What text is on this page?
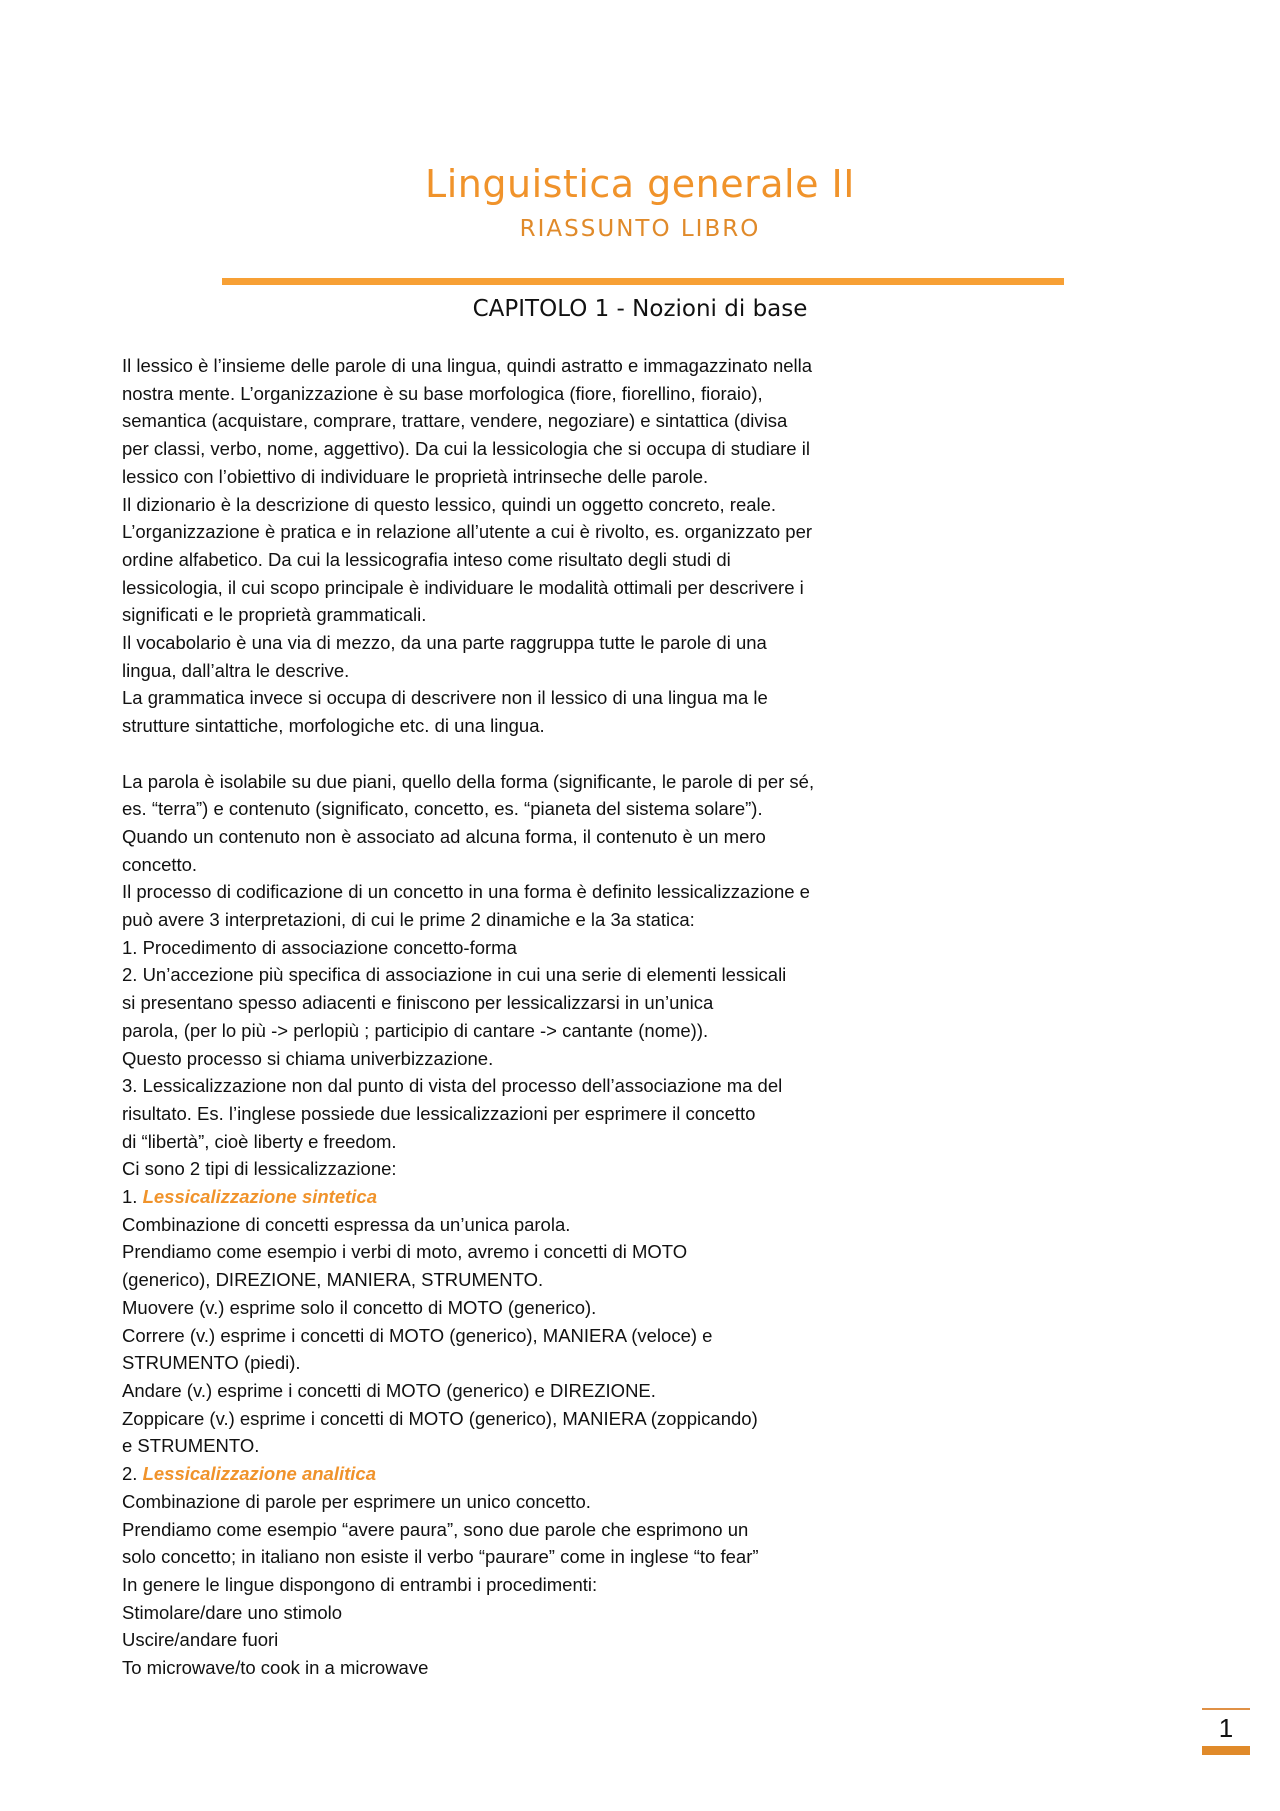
Linguistica generale II
RIASSUNTO LIBRO
CAPITOLO 1 - Nozioni di base
Il lessico è l’insieme delle parole di una lingua, quindi astratto e immagazzinato nella
nostra mente. L’organizzazione è su base morfologica (fiore, fiorellino, fioraio),
semantica (acquistare, comprare, trattare, vendere, negoziare) e sintattica (divisa
per classi, verbo, nome, aggettivo). Da cui la lessicologia che si occupa di studiare il
lessico con l’obiettivo di individuare le proprietà intrinseche delle parole.
Il dizionario è la descrizione di questo lessico, quindi un oggetto concreto, reale.
L’organizzazione è pratica e in relazione all’utente a cui è rivolto, es. organizzato per
ordine alfabetico. Da cui la lessicografia inteso come risultato degli studi di
lessicologia, il cui scopo principale è individuare le modalità ottimali per descrivere i
significati e le proprietà grammaticali.
Il vocabolario è una via di mezzo, da una parte raggruppa tutte le parole di una
lingua, dall’altra le descrive.
La grammatica invece si occupa di descrivere non il lessico di una lingua ma le
strutture sintattiche, morfologiche etc. di una lingua.
La parola è isolabile su due piani, quello della forma (significante, le parole di per sé,
es. “terra”) e contenuto (significato, concetto, es. “pianeta del sistema solare”).
Quando un contenuto non è associato ad alcuna forma, il contenuto è un mero
concetto.
Il processo di codificazione di un concetto in una forma è definito lessicalizzazione e
può avere 3 interpretazioni, di cui le prime 2 dinamiche e la 3a statica:
1. Procedimento di associazione concetto-forma
2. Un’accezione più specifica di associazione in cui una serie di elementi lessicali
si presentano spesso adiacenti e finiscono per lessicalizzarsi in un’unica
parola, (per lo più -> perlopiù ; participio di cantare -> cantante (nome)).
Questo processo si chiama univerbizzazione.
3. Lessicalizzazione non dal punto di vista del processo dell’associazione ma del
risultato. Es. l’inglese possiede due lessicalizzazioni per esprimere il concetto
di “libertà”, cioè liberty e freedom.
Ci sono 2 tipi di lessicalizzazione:
1. Lessicalizzazione sintetica
Combinazione di concetti espressa da un’unica parola.
Prendiamo come esempio i verbi di moto, avremo i concetti di MOTO
(generico), DIREZIONE, MANIERA, STRUMENTO.
Muovere (v.) esprime solo il concetto di MOTO (generico).
Correre (v.) esprime i concetti di MOTO (generico), MANIERA (veloce) e
STRUMENTO (piedi).
Andare (v.) esprime i concetti di MOTO (generico) e DIREZIONE.
Zoppicare (v.) esprime i concetti di MOTO (generico), MANIERA (zoppicando)
e STRUMENTO.
2. Lessicalizzazione analitica
Combinazione di parole per esprimere un unico concetto.
Prendiamo come esempio “avere paura”, sono due parole che esprimono un
solo concetto; in italiano non esiste il verbo “paurare” come in inglese “to fear”
In genere le lingue dispongono di entrambi i procedimenti:
Stimolare/dare uno stimolo
Uscire/andare fuori
To microwave/to cook in a microwave
1
